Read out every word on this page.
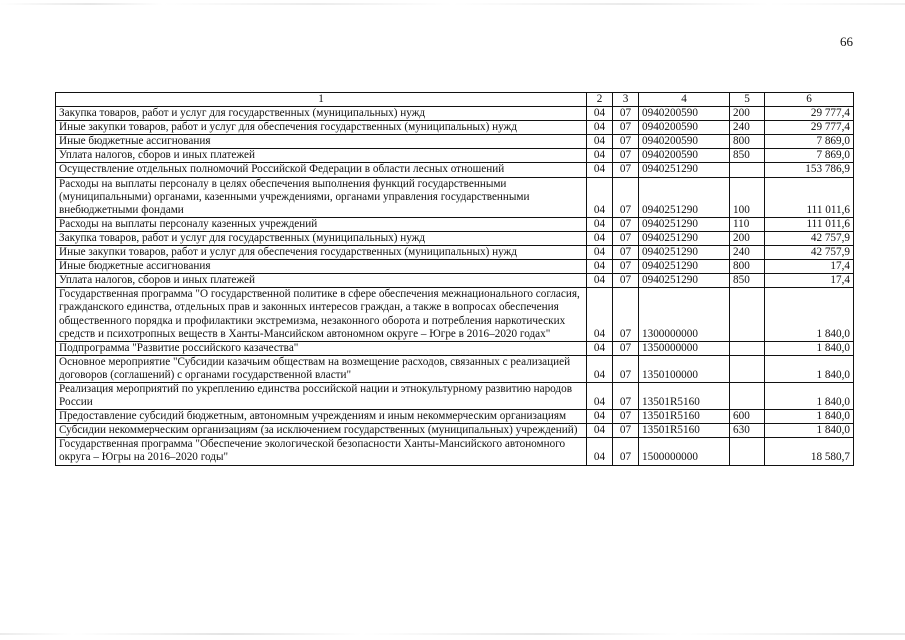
66
1	2	3	4	5	6
Закупка товаров, работ и услуг для государственных (муниципальных) нужд	04	07	0940200590	200	29 777,4
Иные закупки товаров, работ и услуг для обеспечения государственных (муниципальных) нужд	04	07	0940200590	240	29 777,4
Иные бюджетные ассигнования	04	07	0940200590	800	7 869,0
Уплата налогов, сборов и иных платежей	04	07	0940200590	850	7 869,0
Осуществление отдельных полномочий Российской Федерации в области лесных отношений	04	07	0940251290		153 786,9
Расходы на выплаты персоналу в целях обеспечения выполнения функций государственными (муниципальными) органами, казенными учреждениями, органами управления государственными внебюджетными фондами	04	07	0940251290	100	111 011,6
Расходы на выплаты персоналу казенных учреждений	04	07	0940251290	110	111 011,6
Закупка товаров, работ и услуг для государственных (муниципальных) нужд	04	07	0940251290	200	42 757,9
Иные закупки товаров, работ и услуг для обеспечения государственных (муниципальных) нужд	04	07	0940251290	240	42 757,9
Иные бюджетные ассигнования	04	07	0940251290	800	17,4
Уплата налогов, сборов и иных платежей	04	07	0940251290	850	17,4
Государственная программа "О государственной политике в сфере обеспечения межнационального согласия, гражданского единства, отдельных прав и законных интересов граждан, а также в вопросах обеспечения общественного порядка и профилактики экстремизма, незаконного оборота и потребления наркотических средств и психотропных веществ в Ханты-Мансийском автономном округе – Югре в 2016–2020 годах"	04	07	1300000000		1 840,0
Подпрограмма "Развитие российского казачества"	04	07	1350000000		1 840,0
Основное мероприятие "Субсидии казачьим обществам на возмещение расходов, связанных с реализацией договоров (соглашений) с органами государственной власти"	04	07	1350100000		1 840,0
Реализация мероприятий по укреплению единства российской нации и этнокультурному развитию народов России	04	07	13501R5160		1 840,0
Предоставление субсидий бюджетным, автономным учреждениям и иным некоммерческим организациям	04	07	13501R5160	600	1 840,0
Субсидии некоммерческим организациям (за исключением государственных (муниципальных) учреждений)	04	07	13501R5160	630	1 840,0
Государственная программа "Обеспечение экологической безопасности Ханты-Мансийского автономного округа – Югры на 2016–2020 годы"	04	07	1500000000		18 580,7
